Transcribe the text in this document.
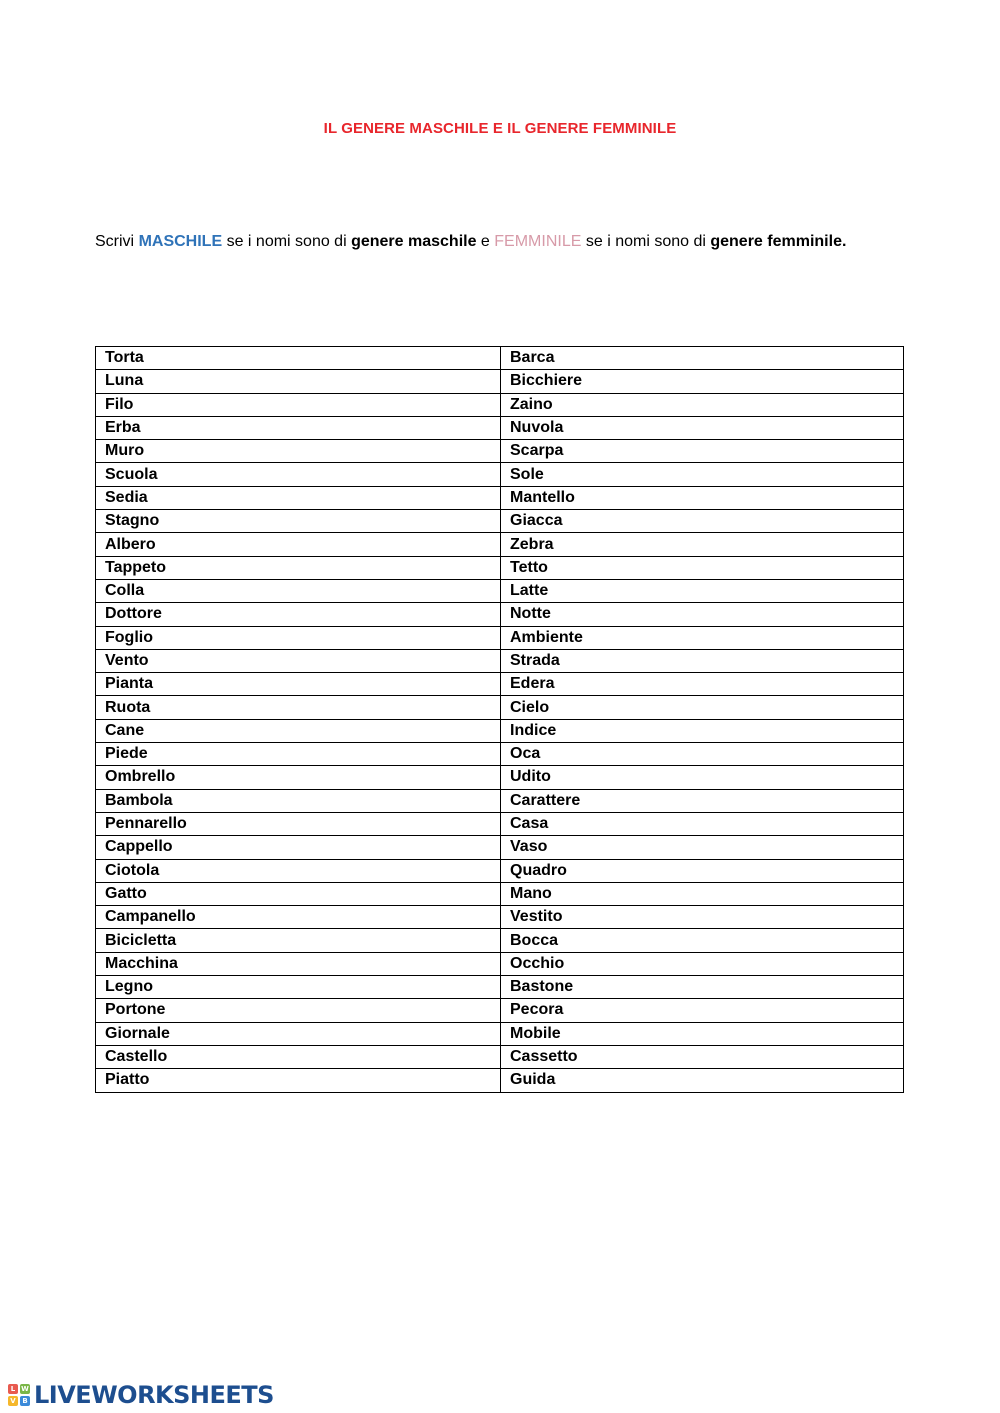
IL GENERE MASCHILE E IL GENERE FEMMINILE
Scrivi MASCHILE se i nomi sono di genere maschile e FEMMINILE se i nomi sono di genere femminile.
Torta	Barca
Luna	Bicchiere
Filo	Zaino
Erba	Nuvola
Muro	Scarpa
Scuola	Sole
Sedia	Mantello
Stagno	Giacca
Albero	Zebra
Tappeto	Tetto
Colla	Latte
Dottore	Notte
Foglio	Ambiente
Vento	Strada
Pianta	Edera
Ruota	Cielo
Cane	Indice
Piede	Oca
Ombrello	Udito
Bambola	Carattere
Pennarello	Casa
Cappello	Vaso
Ciotola	Quadro
Gatto	Mano
Campanello	Vestito
Bicicletta	Bocca
Macchina	Occhio
Legno	Bastone
Portone	Pecora
Giornale	Mobile
Castello	Cassetto
Piatto	Guida
L W
V B LIVEWORKSHEETS
